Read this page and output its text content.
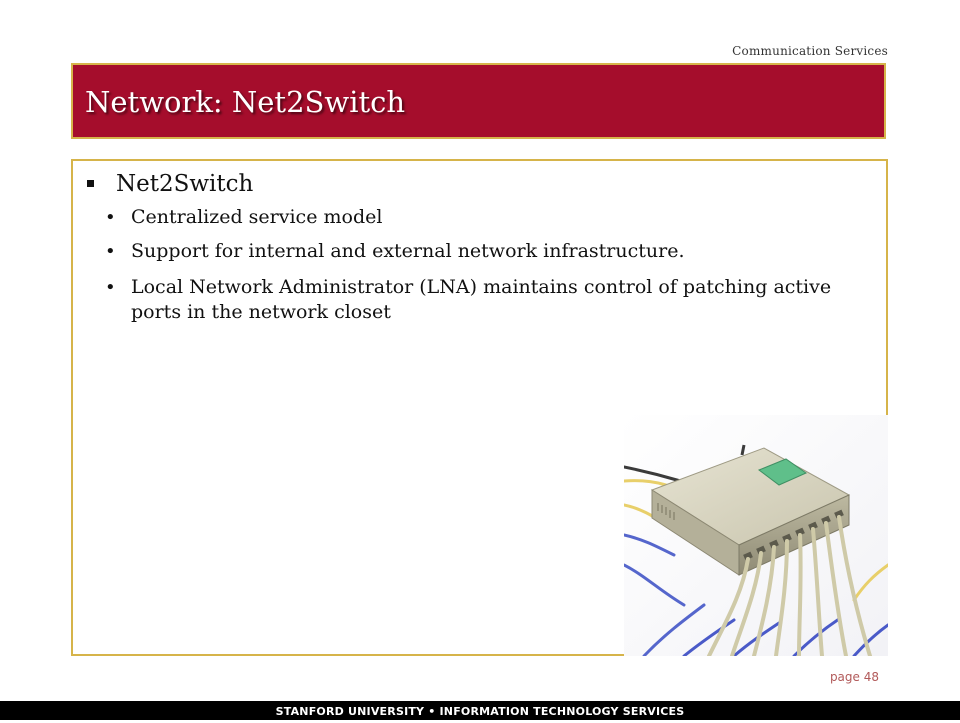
Communication Services
Network: Net2Switch
Net2Switch
• Centralized service model
• Support for internal and external network infrastructure.
• Local Network Administrator (LNA) maintains control of patching active ports in the network closet
page 48
STANFORD UNIVERSITY • INFORMATION TECHNOLOGY SERVICES
